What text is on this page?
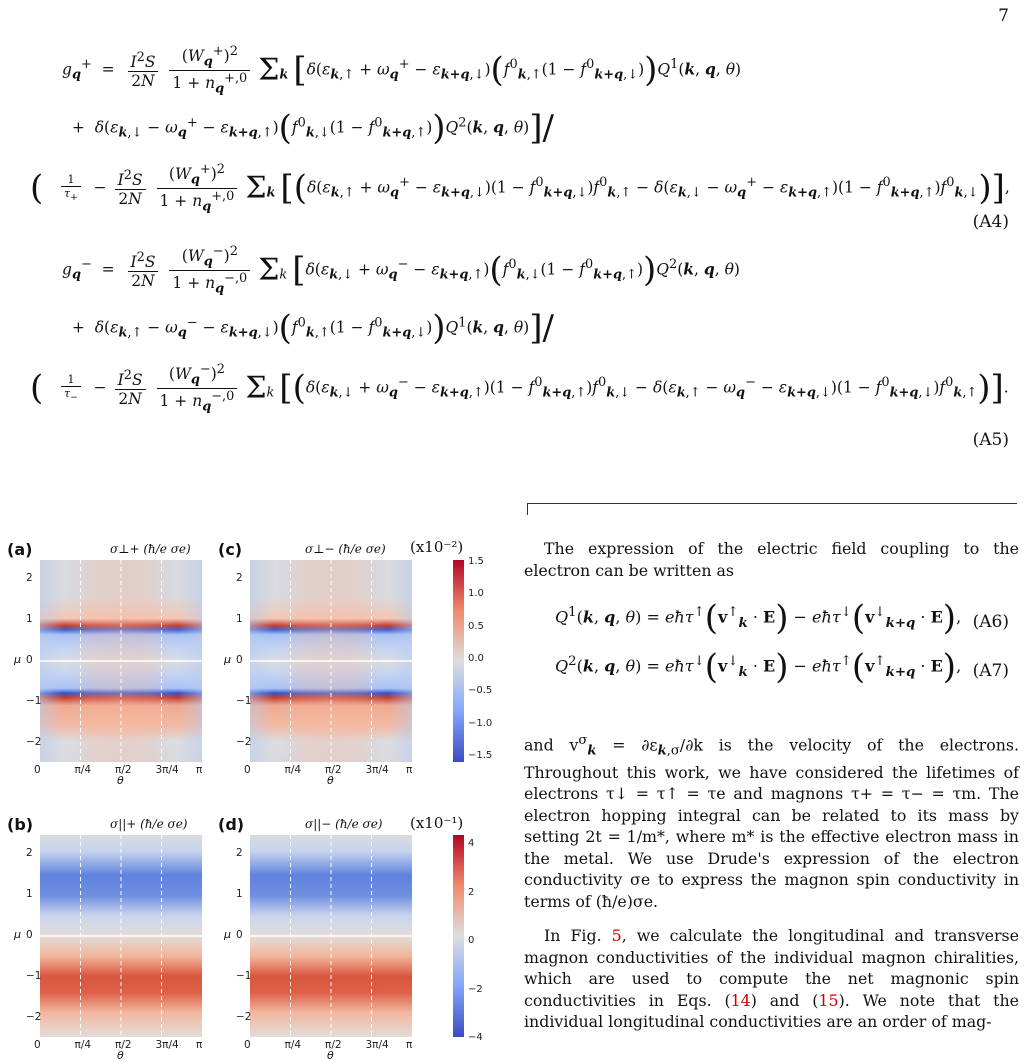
7
$g_q^+ = \frac{I^2S}{2N}$
$\frac{(W_q^+)^2}{1 + n_q^{+,0}} \Sigma_k$ [$\delta(\varepsilon_{k,↑} + \omega_q^+ - \varepsilon_{k+q,↓})(f^0_{k,↑}(1 - f^0_{k+q,↓}))Q^1(k$, q, θ)
+  $\delta(\varepsilon_{k,↓} - \omega_q^+ - \varepsilon_{k+q,↑})(f^0_{k,↓}(1 - f^0_{k+q,↑}))Q^2(k$, q, θ)]/
( $\frac{1}{\tau_+} - \frac{I^2S}{2N}$
$\frac{(W_q^+)^2}{1 + n_q^{+,0}} \Sigma_k$ $[(\delta(\varepsilon_{k,↑} + \omega_q^+ - \varepsilon_{k+q,↓})(1 - f^0_{k+q,↓})f^0_{k,↑} - \delta(\varepsilon_{k,↓} - \omega_q^+ - \varepsilon_{k+q,↑})(1 - f^0_{k+q,↑})f^0_{k,↓})]$,
(A4)
$g_q^- = \frac{I^2S}{2N}$
$\frac{(W_q^-)^2}{1 + n_q^{-,0}} \Sigma_k$ [$\delta(\varepsilon_{k,↓} + \omega_q^- - \varepsilon_{k+q,↑})(f^0_{k,↓}(1 - f^0_{k+q,↑}))Q^2(k$, q, θ)
+  $\delta(\varepsilon_{k,↑} - \omega_q^- - \varepsilon_{k+q,↓})(f^0_{k,↑}(1 - f^0_{k+q,↓}))Q^1(k$, q, θ)]/
( $\frac{1}{\tau_-} - \frac{I^2S}{2N}$
$\frac{(W_q^-)^2}{1 + n_q^{-,0}} \Sigma_k$ $[(\delta(\varepsilon_{k,↓} + \omega_q^- - \varepsilon_{k+q,↑})(1 - f^0_{k+q,↑})f^0_{k,↓} - \delta(\varepsilon_{k,↑} - \omega_q^- - \varepsilon_{k+q,↓})(1 - f^0_{k+q,↓})f^0_{k,↑})]$.
(A5)
(a)	σ⊥+ (ħ/e σe) (c)	σ⊥− (ħ/e σe) (x10⁻²)
1.5
1.0
0.5
0.0
−0.5
−1.0
−1.5
(b)	σ||+ (ħ/e σe) (d)	σ||− (ħ/e σe) (x10⁻¹)
4
2
0
−2
−4
0	π/4 π/2 3π/4 π
2
1
0
−1
−2
θ
μ
0	π/4 π/2 3π/4 π
2
1
0
−1
−2
θ
μ
0	π/4 π/2 3π/4 π
2
1
0
−1
−2
θ
μ
0	π/4 π/2 3π/4 π
2
1
0
−1
−2
θ
μ
The expression of the electric field coupling to the electron can be written as
$Q^1(k$, q, $\theta) = eħ\tau^↑(v^↑_k \cdot E)$ − $eħ\tau^↓(v^↓_{k+q} \cdot E)$, (A6)
$Q^2(k$, q, $\theta) = eħ\tau^↓(v^↓_k \cdot E)$ − $eħ\tau^↑(v^↑_{k+q} \cdot E)$, (A7)
and $v^\sigma_k = \partial\varepsilon_{k,\sigma}/\partial k$ is the velocity of the electrons. Throughout this work, we have considered the lifetimes of electrons τ↓ = τ↑ = τe and magnons τ+ = τ− = τm. The electron hopping integral can be related to its mass by setting 2t = 1/m*, where m* is the effective electron mass in the metal. We use Drude's expression of the electron conductivity σe to express the magnon spin conductivity in terms of (ħ/e)σe.
In Fig. 5, we calculate the longitudinal and transverse magnon conductivities of the individual magnon chiralities, which are used to compute the net magnonic spin conductivities in Eqs. (14) and (15). We note that the individual longitudinal conductivities are an order of mag-
